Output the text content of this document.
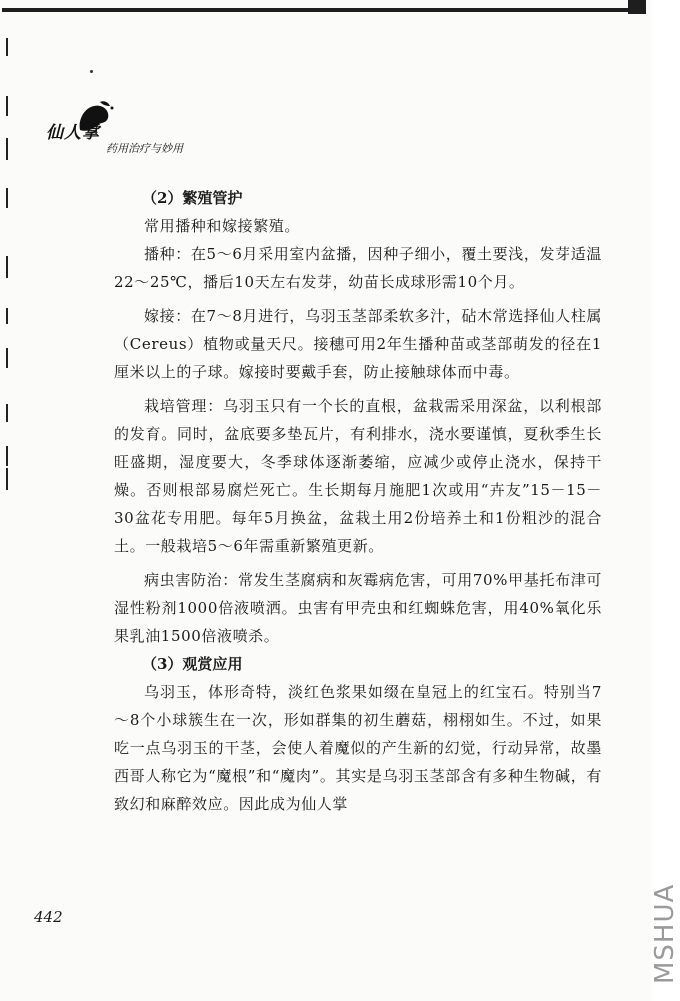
仙人掌
药用治疗与妙用
（2）繁殖管护

常用播种和嫁接繁殖。

播种：在5～6月采用室内盆播，因种子细小，覆土要浅，发芽适温22～25℃，播后10天左右发芽，幼苗长成球形需10个月。

嫁接：在7～8月进行，乌羽玉茎部柔软多汁，砧木常选择仙人柱属（Cereus）植物或量天尺。接穗可用2年生播种苗或茎部萌发的径在1厘米以上的子球。嫁接时要戴手套，防止接触球体而中毒。

栽培管理：乌羽玉只有一个长的直根，盆栽需采用深盆，以利根部的发育。同时，盆底要多垫瓦片，有利排水，浇水要谨慎，夏秋季生长旺盛期，湿度要大，冬季球体逐渐萎缩，应减少或停止浇水，保持干燥。否则根部易腐烂死亡。生长期每月施肥1次或用“卉友”15－15－30盆花专用肥。每年5月换盆，盆栽土用2份培养土和1份粗沙的混合土。一般栽培5～6年需重新繁殖更新。

病虫害防治：常发生茎腐病和灰霉病危害，可用70%甲基托布津可湿性粉剂1000倍液喷洒。虫害有甲壳虫和红蜘蛛危害，用40%氧化乐果乳油1500倍液喷杀。

（3）观赏应用

乌羽玉，体形奇特，淡红色浆果如缀在皇冠上的红宝石。特别当7～8个小球簇生在一次，形如群集的初生蘑菇，栩栩如生。不过，如果吃一点乌羽玉的干茎，会使人着魔似的产生新的幻觉，行动异常，故墨西哥人称它为“魔根”和“魔肉”。其实是乌羽玉茎部含有多种生物碱，有致幻和麻醉效应。因此成为仙人掌

442	MSHUA
